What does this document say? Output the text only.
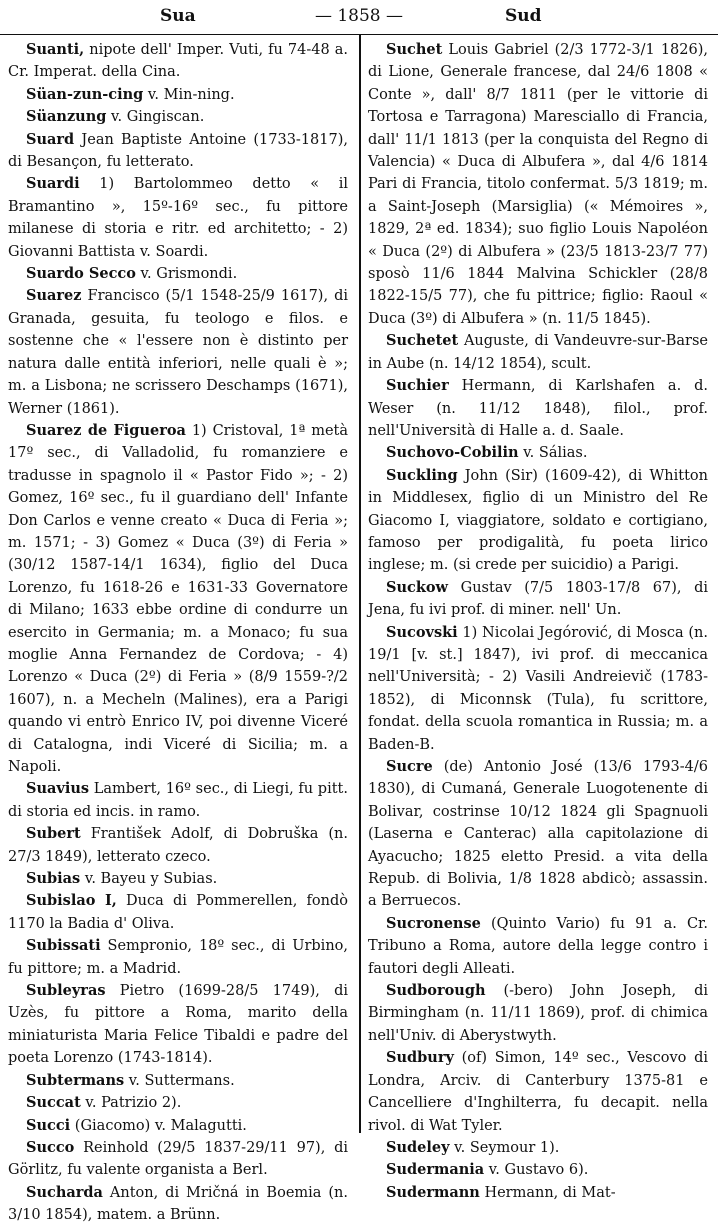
Sua	— 1858 —	Sud

Suanti, nipote dell' Imper. Vuti, fu 74-48 a. Cr. Imperat. della Cina.

Süan-zun-cing v. Min-ning.

Süanzung v. Gingiscan.

Suard Jean Baptiste Antoine (1733-1817), di Besançon, fu letterato.

Suardi 1) Bartolommeo detto « il Bramantino », 15º-16º sec., fu pittore milanese di storia e ritr. ed architetto; - 2) Giovanni Battista v. Soardi.

Suardo Secco v. Grismondi.

Suarez Francisco (5/1 1548-25/9 1617), di Granada, gesuita, fu teologo e filos. e sostenne che « l'essere non è distinto per natura dalle entità inferiori, nelle quali è »; m. a Lisbona; ne scrissero Deschamps (1671), Werner (1861).

Suarez de Figueroa 1) Cristoval, 1ª metà 17º sec., di Valladolid, fu romanziere e tradusse in spagnolo il « Pastor Fido »; - 2) Gomez, 16º sec., fu il guardiano dell' Infante Don Carlos e venne creato « Duca di Feria »; m. 1571; - 3) Gomez « Duca (3º) di Feria » (30/12 1587-14/1 1634), figlio del Duca Lorenzo, fu 1618-26 e 1631-33 Governatore di Milano; 1633 ebbe ordine di condurre un esercito in Germania; m. a Monaco; fu sua moglie Anna Fernandez de Cordova; - 4) Lorenzo « Duca (2º) di Feria » (8/9 1559-?/2 1607), n. a Mecheln (Malines), era a Parigi quando vi entrò Enrico IV, poi divenne Viceré di Catalogna, indi Viceré di Sicilia; m. a Napoli.

Suavius Lambert, 16º sec., di Liegi, fu pitt. di storia ed incis. in ramo.

Subert František Adolf, di Dobruška (n. 27/3 1849), letterato czeco.

Subias v. Bayeu y Subias.

Subislao I, Duca di Pommerellen, fondò 1170 la Badia d' Oliva.

Subissati Sempronio, 18º sec., di Urbino, fu pittore; m. a Madrid.

Subleyras Pietro (1699-28/5 1749), di Uzès, fu pittore a Roma, marito della miniaturista Maria Felice Tibaldi e padre del poeta Lorenzo (1743-1814).

Subtermans v. Suttermans.

Succat v. Patrizio 2).

Succi (Giacomo) v. Malagutti.

Succo Reinhold (29/5 1837-29/11 97), di Görlitz, fu valente organista a Berl.

Sucharda Anton, di Mričná in Boemia (n. 3/10 1854), matem. a Brünn.

Suchet Louis Gabriel (2/3 1772-3/1 1826), di Lione, Generale francese, dal 24/6 1808 « Conte », dall' 8/7 1811 (per le vittorie di Tortosa e Tarragona) Maresciallo di Francia, dall' 11/1 1813 (per la conquista del Regno di Valencia) « Duca di Albufera », dal 4/6 1814 Pari di Francia, titolo confermat. 5/3 1819; m. a Saint-Joseph (Marsiglia) (« Mémoires », 1829, 2ª ed. 1834); suo figlio Louis Napoléon « Duca (2º) di Albufera » (23/5 1813-23/7 77) sposò 11/6 1844 Malvina Schickler (28/8 1822-15/5 77), che fu pittrice; figlio: Raoul « Duca (3º) di Albufera » (n. 11/5 1845).

Suchetet Auguste, di Vandeuvre-sur-Barse in Aube (n. 14/12 1854), scult.

Suchier Hermann, di Karlshafen a. d. Weser (n. 11/12 1848), filol., prof. nell'Università di Halle a. d. Saale.

Suchovo-Cobilin v. Sálias.

Suckling John (Sir) (1609-42), di Whitton in Middlesex, figlio di un Ministro del Re Giacomo I, viaggiatore, soldato e cortigiano, famoso per prodigalità, fu poeta lirico inglese; m. (si crede per suicidio) a Parigi.

Suckow Gustav (7/5 1803-17/8 67), di Jena, fu ivi prof. di miner. nell' Un.

Sucovski 1) Nicolai Jegórović, di Mosca (n. 19/1 [v. st.] 1847), ivi prof. di meccanica nell'Università; - 2) Vasili Andreievič (1783-1852), di Miconnsk (Tula), fu scrittore, fondat. della scuola romantica in Russia; m. a Baden-B.

Sucre (de) Antonio José (13/6 1793-4/6 1830), di Cumaná, Generale Luogotenente di Bolivar, costrinse 10/12 1824 gli Spagnuoli (Laserna e Canterac) alla capitolazione di Ayacucho; 1825 eletto Presid. a vita della Repub. di Bolivia, 1/8 1828 abdicò; assassin. a Berruecos.

Sucronense (Quinto Vario) fu 91 a. Cr. Tribuno a Roma, autore della legge contro i fautori degli Alleati.

Sudborough (-bero) John Joseph, di Birmingham (n. 11/11 1869), prof. di chimica nell'Univ. di Aberystwyth.

Sudbury (of) Simon, 14º sec., Vescovo di Londra, Arciv. di Canterbury 1375-81 e Cancelliere d'Inghilterra, fu decapit. nella rivol. di Wat Tyler.

Sudeley v. Seymour 1).

Sudermania v. Gustavo 6).

Sudermann Hermann, di Mat-
